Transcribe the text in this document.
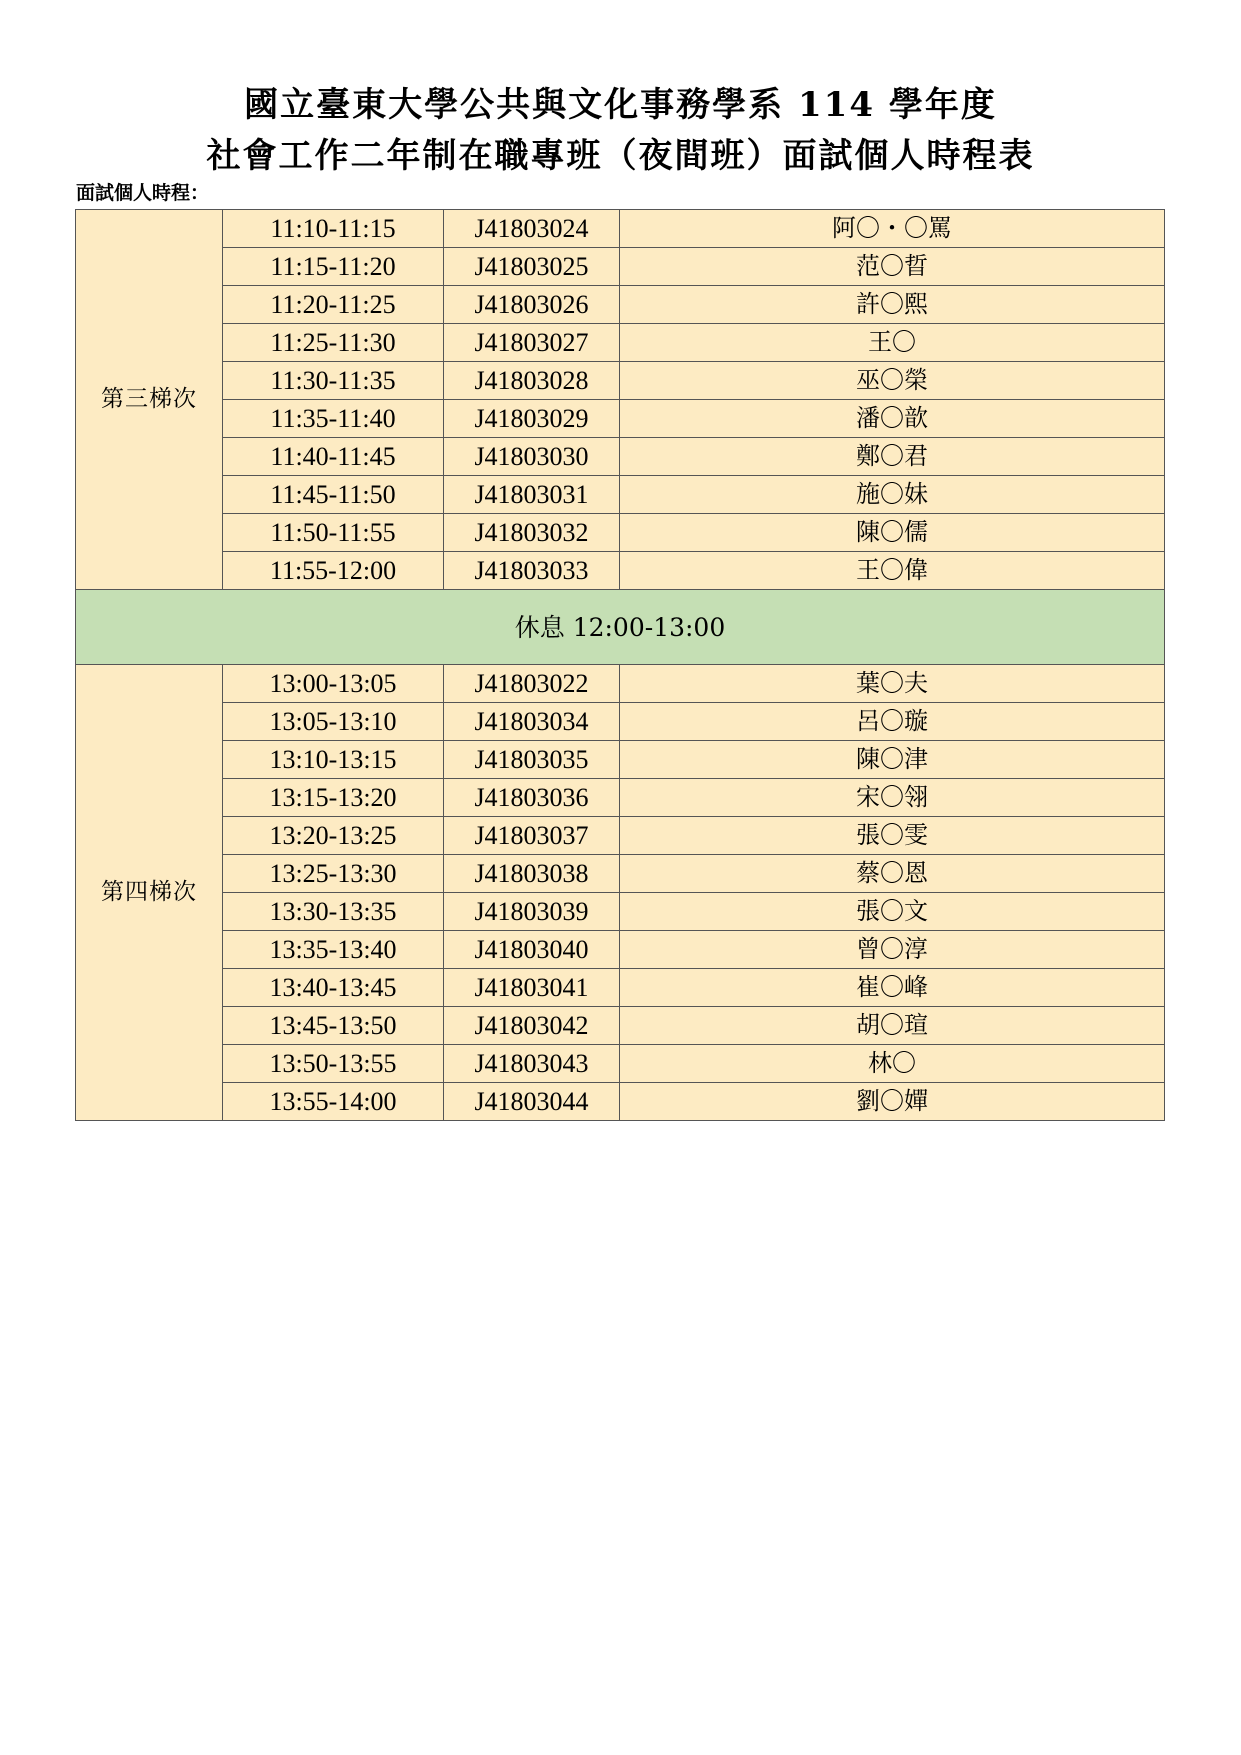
國立臺東大學公共與文化事務學系 114 學年度
社會工作二年制在職專班（夜間班）面試個人時程表
面試個人時程：
第三梯次	11:10-11:15	J41803024	阿〇・〇罵
	11:15-11:20	J41803025	范〇晢
	11:20-11:25	J41803026	許〇熙
	11:25-11:30	J41803027	王〇
	11:30-11:35	J41803028	巫〇榮
	11:35-11:40	J41803029	潘〇歆
	11:40-11:45	J41803030	鄭〇君
	11:45-11:50	J41803031	施〇妹
	11:50-11:55	J41803032	陳〇儒
	11:55-12:00	J41803033	王〇偉
休息 12:00-13:00			
第四梯次	13:00-13:05	J41803022	葉〇夫
	13:05-13:10	J41803034	呂〇璇
	13:10-13:15	J41803035	陳〇津
	13:15-13:20	J41803036	宋〇翎
	13:20-13:25	J41803037	張〇雯
	13:25-13:30	J41803038	蔡〇恩
	13:30-13:35	J41803039	張〇文
	13:35-13:40	J41803040	曾〇淳
	13:40-13:45	J41803041	崔〇峰
	13:45-13:50	J41803042	胡〇瑄
	13:50-13:55	J41803043	林〇
	13:55-14:00	J41803044	劉〇嬋
